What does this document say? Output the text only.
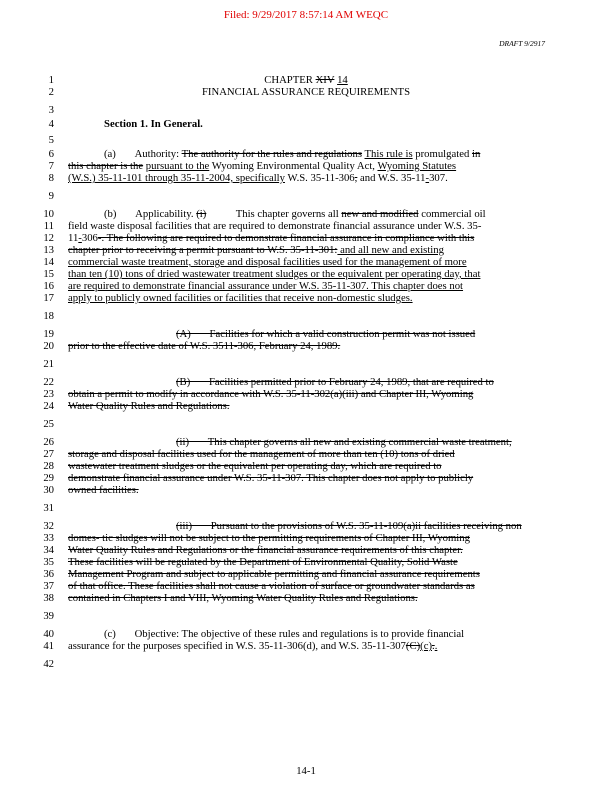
Filed: 9/29/2017 8:57:14 AM WEQC
DRAFT 9/2917
1	CHAPTER XIV 14
2	FINANCIAL ASSURANCE REQUIREMENTS
3
4	Section 1. In General.
5
6	(a)       Authority: The authority for the rules and regulations This rule is promulgated in
7 this chapter is the pursuant to the Wyoming Environmental Quality Act, Wyoming Statutes
8 (W.S.) 35-11-101 through 35-11-2004, specifically W.S. 35-11-306, and W.S. 35-11-307.
9
10	(b)       Applicability. (i)           This chapter governs all new and modified commercial oil
11 field waste disposal facilities that are required to demonstrate financial assurance under W.S. 35-
12 11-306-. The following are required to demonstrate financial assurance in compliance with this
13 chapter prior to receiving a permit pursuant to W.S. 35-11-301: and all new and existing
14 commercial waste treatment, storage and disposal facilities used for the management of more
15 than ten (10) tons of dried wastewater treatment sludges or the equivalent per operating day, that
16 are required to demonstrate financial assurance under W.S. 35-11-307. This chapter does not
17 apply to publicly owned facilities or facilities that receive non-domestic sludges.
18
19	(A)       Facilities for which a valid construction permit was not issued
20 prior to the effective date of W.S. 3511-306, February 24, 1989.
21
22	(B)       Facilities permitted prior to February 24, 1989, that are required to
23 obtain a permit to modify in accordance with W.S. 35-11-302(a)(iii) and Chapter III, Wyoming
24 Water Quality Rules and Regulations.
25
26	(ii)       This chapter governs all new and existing commercial waste treatment,
27 storage and disposal facilities used for the management of more than ten (10) tons of dried
28 wastewater treatment sludges or the equivalent per operating day, which are required to
29 demonstrate financial assurance under W.S. 35-11-307. This chapter does not apply to publicly
30 owned facilities.
31
32	(iii)       Pursuant to the provisions of W.S. 35-11-109(a)ii facilities receiving non
33 domes- tic sludges will not be subject to the permitting requirements of Chapter III, Wyoming
34 Water Quality Rules and Regulations or the financial assurance requirements of this chapter.
35 These facilities will be regulated by the Department of Environmental Quality, Solid Waste
36 Management Program and subject to applicable permitting and financial assurance requirements
37 of that office. These facilities shall not cause a violation of surface or groundwater standards as
38 contained in Chapters I and VIII, Wyoming Water Quality Rules and Regulations.
39
40	(c)       Objective: The objective of these rules and regulations is to provide financial
41 assurance for the purposes specified in W.S. 35-11-306(d), and W.S. 35-11-307(C)(c)..
42
14-1
